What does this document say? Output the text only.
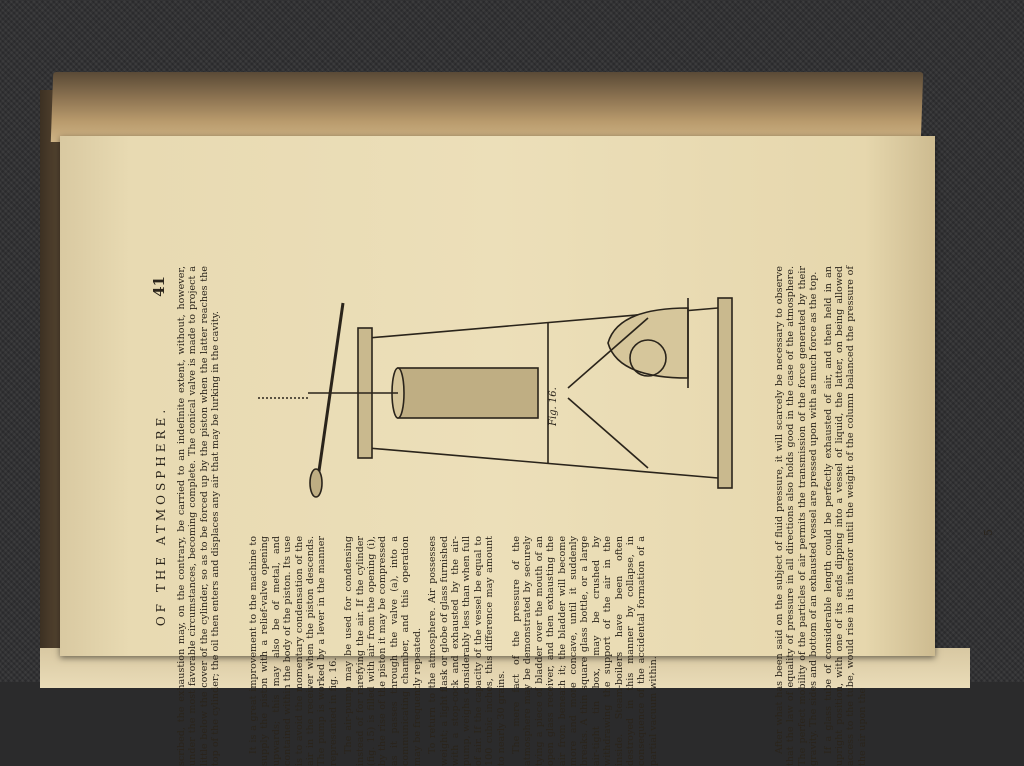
OF THE ATMOSPHERE.
41 scribed, the exhaustion may, on the contrary, be carried to an indefinite extent, without, however, under the most favorable circumstances, becoming complete. The conical valve is made to project a little below the cover of the cylinder, so as to be forced up by the piston when the latter reaches the top of the cylinder; the oil then enters and displaces any air that may be lurking in the cavity.	It is a great improvement to the machine to supply the piston with a relief-valve opening upwards; this may also be of metal, and contained within the body of the piston. Its use is to avoid the momentary condensation of the air in the receiver when the piston descends. The pump is worked by a lever in the manner represented in fig. 16. The air-pump may be used for condensing instead of for rarefying the air. If the cylinder (fig. 15) is filled with air from the opening (i), by the rise of the piston it may be compressed as it passes through the valve (a), into a communicating chamber, and this operation may be frequently repeated. To return to the atmosphere. Air possesses weight; a light flask or globe of glass furnished with a stop-cock and exhausted by the air-pump, weighs considerably less than when full of air. If the capacity of the vessel be equal to 100 cubic inches, this difference may amount to nearly 30 grains. The mere fact of the pressure of the atmosphere may be demonstrated by securely tying a piece of bladder over the mouth of an open glass receiver, and then exhausting the air from beneath it; the bladder will become more and more concave, until it suddenly breaks. A thin square glass bottle, or a large air-tight tin box, may be crushed by withdrawing the support of the air in the inside. Steam-boilers have been often destroyed in this manner by collapse, in consequence of the accidental formation of a partial vacuum within.

Fig. 16.	After what has been said on the subject of fluid pressure, it will scarcely be necessary to observe that the law of equality of pressure in all directions also holds good in the case of the atmosphere. The perfect mobility of the particles of air permits the transmission of the force generated by their gravity. The sides and bottom of an exhausted vessel are pressed upon with as much force as the top. If a glass tube of considerable length could be perfectly exhausted of air, and then held in an upright position, with one of its ends dipping into a vessel of liquid, the latter, on being allowed access to the tube, would rise in its interior until the weight of the column balanced the pressure of the air upon the

5
